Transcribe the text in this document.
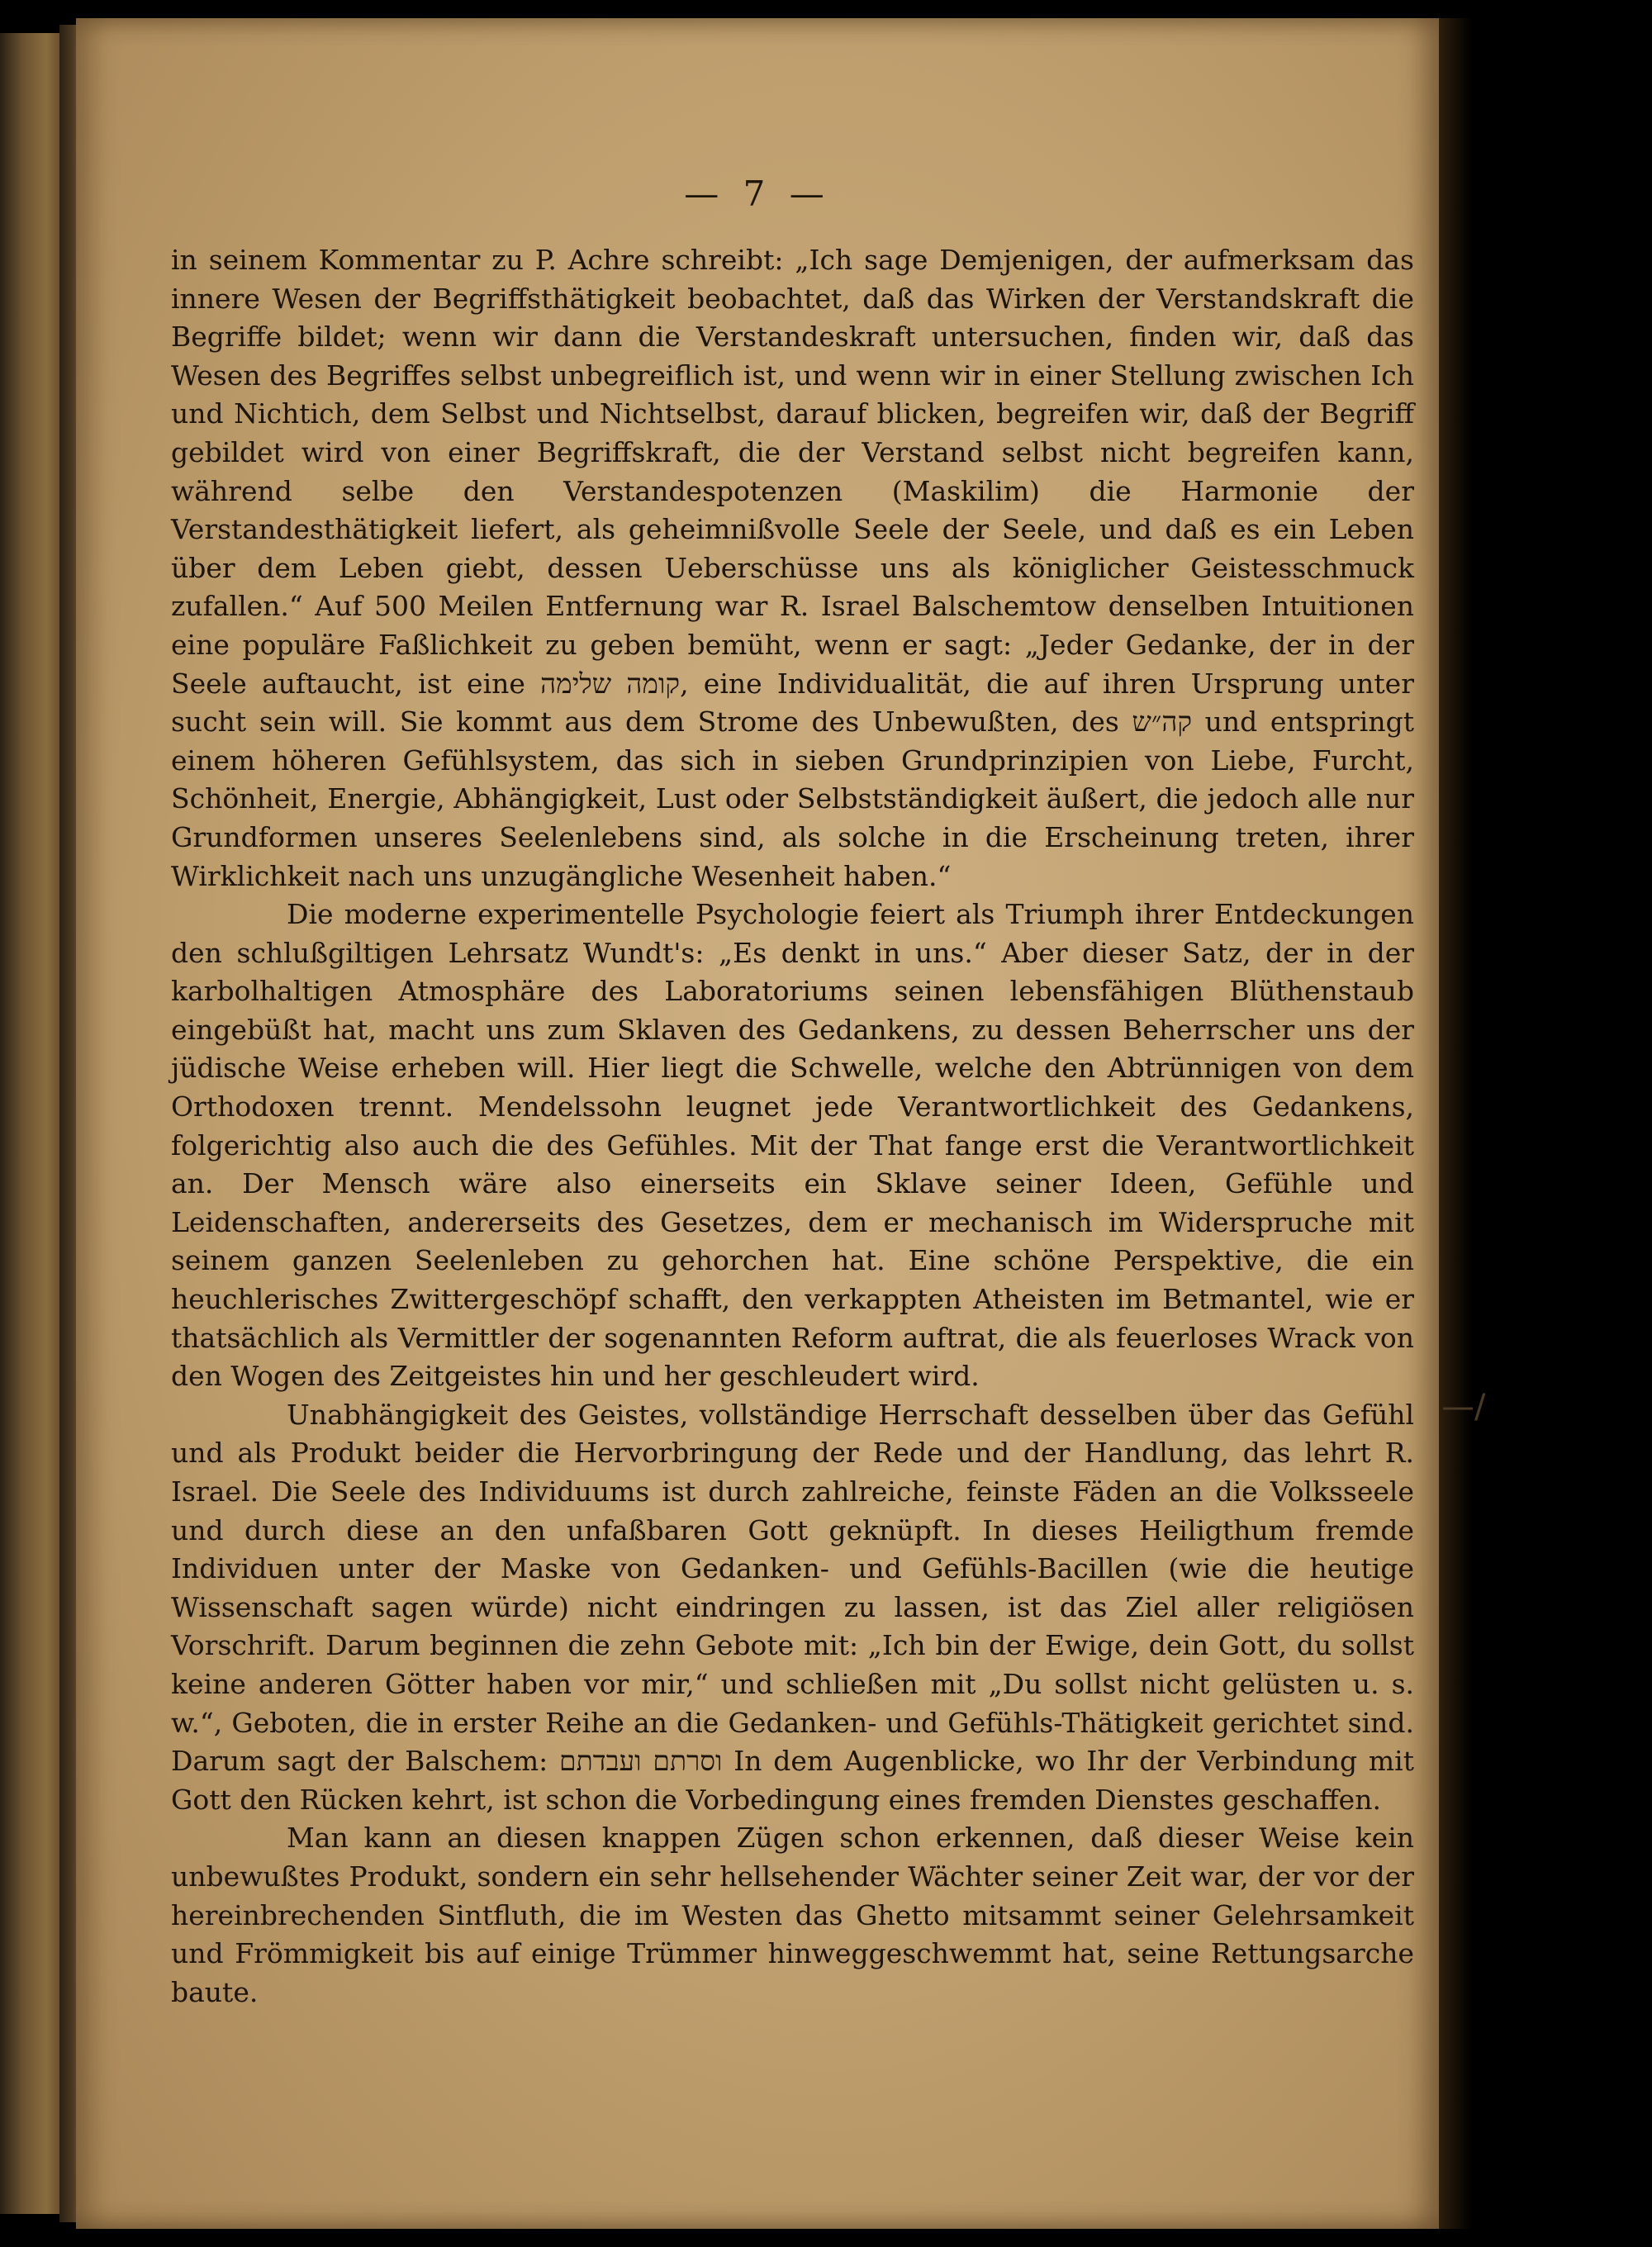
— 7 —

in seinem Kommentar zu P. Achre schreibt: „Ich sage Demjenigen, der aufmerksam das innere Wesen der Begriffsthätigkeit beobachtet, daß das Wirken der Verstandskraft die Begriffe bildet; wenn wir dann die Verstandeskraft untersuchen, finden wir, daß das Wesen des Begriffes selbst unbegreiflich ist, und wenn wir in einer Stellung zwischen Ich und Nichtich, dem Selbst und Nichtselbst, darauf blicken, begreifen wir, daß der Begriff gebildet wird von einer Begriffskraft, die der Verstand selbst nicht begreifen kann, während selbe den Verstandespotenzen (Maskilim) die Harmonie der Verstandesthätigkeit liefert, als geheimnißvolle Seele der Seele, und daß es ein Leben über dem Leben giebt, dessen Ueberschüsse uns als königlicher Geistesschmuck zufallen.“ Auf 500 Meilen Entfernung war R. Israel Balschemtow denselben Intuitionen eine populäre Faßlichkeit zu geben bemüht, wenn er sagt: „Jeder Gedanke, der in der Seele auftaucht, ist eine קומה שלימה, eine Individualität, die auf ihren Ursprung unter sucht sein will. Sie kommt aus dem Strome des Unbewußten, des קה״ש und entspringt einem höheren Gefühlsystem, das sich in sieben Grundprinzipien von Liebe, Furcht, Schönheit, Energie, Abhängigkeit, Lust oder Selbstständigkeit äußert, die jedoch alle nur Grundformen unseres Seelenlebens sind, als solche in die Erscheinung treten, ihrer Wirklichkeit nach uns unzugängliche Wesenheit haben.“

Die moderne experimentelle Psychologie feiert als Triumph ihrer Entdeckungen den schlußgiltigen Lehrsatz Wundt's: „Es denkt in uns.“ Aber dieser Satz, der in der karbolhaltigen Atmosphäre des Laboratoriums seinen lebensfähigen Blüthenstaub eingebüßt hat, macht uns zum Sklaven des Gedankens, zu dessen Beherrscher uns der jüdische Weise erheben will. Hier liegt die Schwelle, welche den Abtrünnigen von dem Orthodoxen trennt. Mendelssohn leugnet jede Verantwortlichkeit des Gedankens, folgerichtig also auch die des Gefühles. Mit der That fange erst die Verantwortlichkeit an. Der Mensch wäre also einerseits ein Sklave seiner Ideen, Gefühle und Leidenschaften, andererseits des Gesetzes, dem er mechanisch im Widerspruche mit seinem ganzen Seelenleben zu gehorchen hat. Eine schöne Perspektive, die ein heuchlerisches Zwittergeschöpf schafft, den verkappten Atheisten im Betmantel, wie er thatsächlich als Vermittler der sogenannten Reform auftrat, die als feuerloses Wrack von den Wogen des Zeitgeistes hin und her geschleudert wird.

Unabhängigkeit des Geistes, vollständige Herrschaft desselben über das Gefühl und als Produkt beider die Hervorbringung der Rede und der Handlung, das lehrt R. Israel. Die Seele des Individuums ist durch zahlreiche, feinste Fäden an die Volksseele und durch diese an den unfaßbaren Gott geknüpft. In dieses Heiligthum fremde Individuen unter der Maske von Gedanken- und Gefühls-Bacillen (wie die heutige Wissenschaft sagen würde) nicht eindringen zu lassen, ist das Ziel aller religiösen Vorschrift. Darum beginnen die zehn Gebote mit: „Ich bin der Ewige, dein Gott, du sollst keine anderen Götter haben vor mir,“ und schließen mit „Du sollst nicht gelüsten u. s. w.“, Geboten, die in erster Reihe an die Gedanken- und Gefühls-Thätigkeit gerichtet sind. Darum sagt der Balschem: וסרתם ועבדתם In dem Augenblicke, wo Ihr der Verbindung mit Gott den Rücken kehrt, ist schon die Vorbedingung eines fremden Dienstes geschaffen.

Man kann an diesen knappen Zügen schon erkennen, daß dieser Weise kein unbewußtes Produkt, sondern ein sehr hellsehender Wächter seiner Zeit war, der vor der hereinbrechenden Sintfluth, die im Westen das Ghetto mitsammt seiner Gelehrsamkeit und Frömmigkeit bis auf einige Trümmer hinweggeschwemmt hat, seine Rettungsarche baute.

—/
